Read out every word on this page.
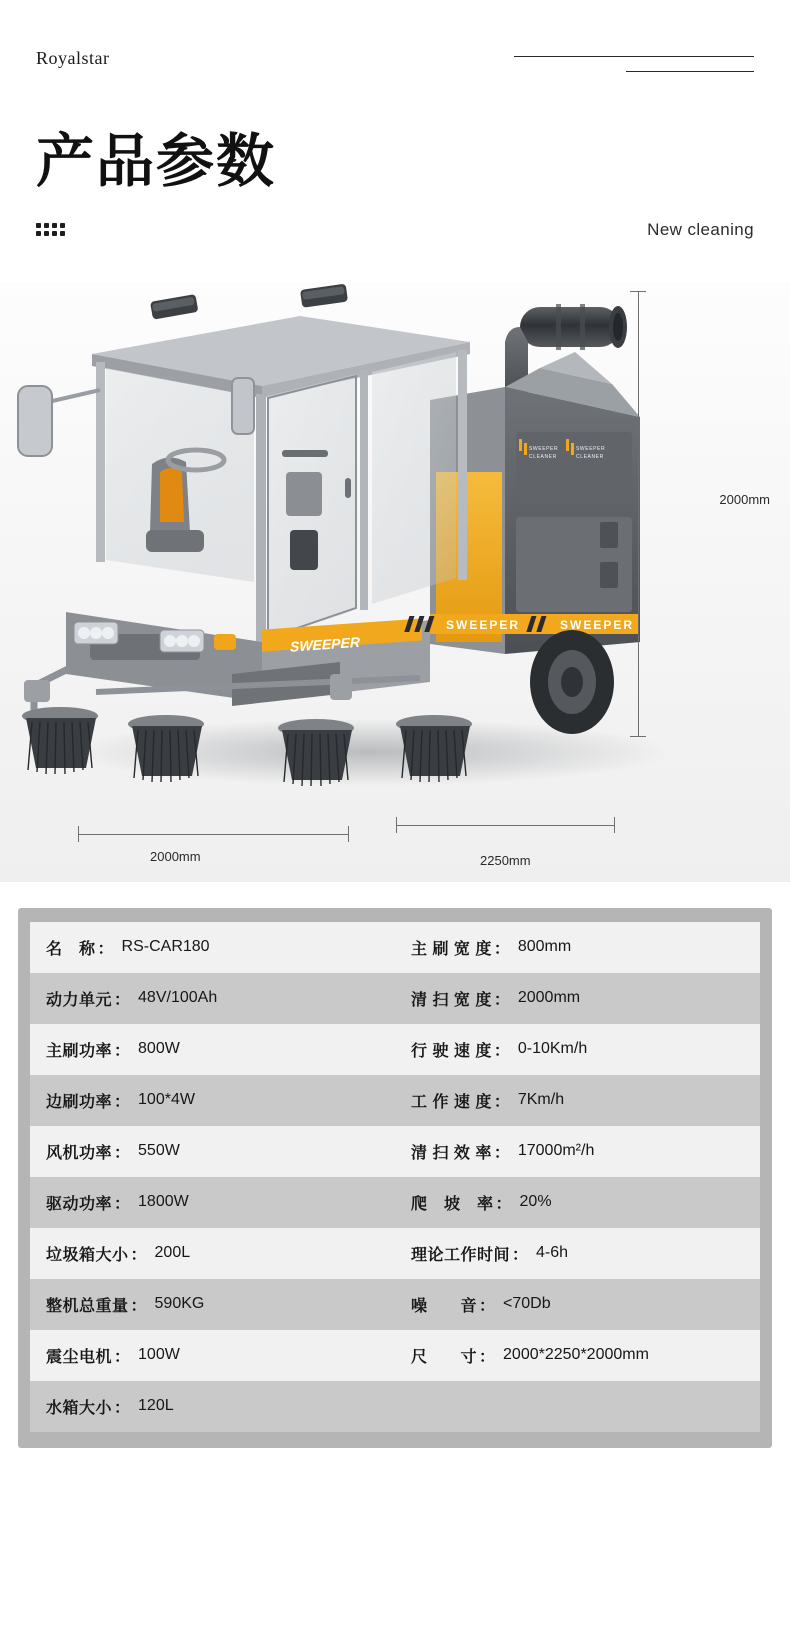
Royalstar
产品参数
New cleaning
SWEEPER
CLEANER
SWEEPER
CLEANER
SWEEPER
SWEEPER	SWEEPER
2000mm
2000mm	2250mm
名　称 ： RS-CAR180	主 刷 宽 度 ： 800mm
动力单元 ： 48V/100Ah	清 扫 宽 度 ： 2000mm
主刷功率 ： 800W	行 驶 速 度 ： 0-10Km/h
边刷功率 ： 100*4W	工 作 速 度 ： 7Km/h
风机功率 ： 550W	清 扫 效 率 ： 17000m²/h
驱动功率 ： 1800W	爬　坡　率 ： 20%
垃圾箱大小 ： 200L	理论工作时间 ： 4-6h
整机总重量 ： 590KG	噪　　音 ： <70Db
震尘电机 ： 100W	尺　　寸 ： 2000*2250*2000mm
水箱大小 ： 120L
